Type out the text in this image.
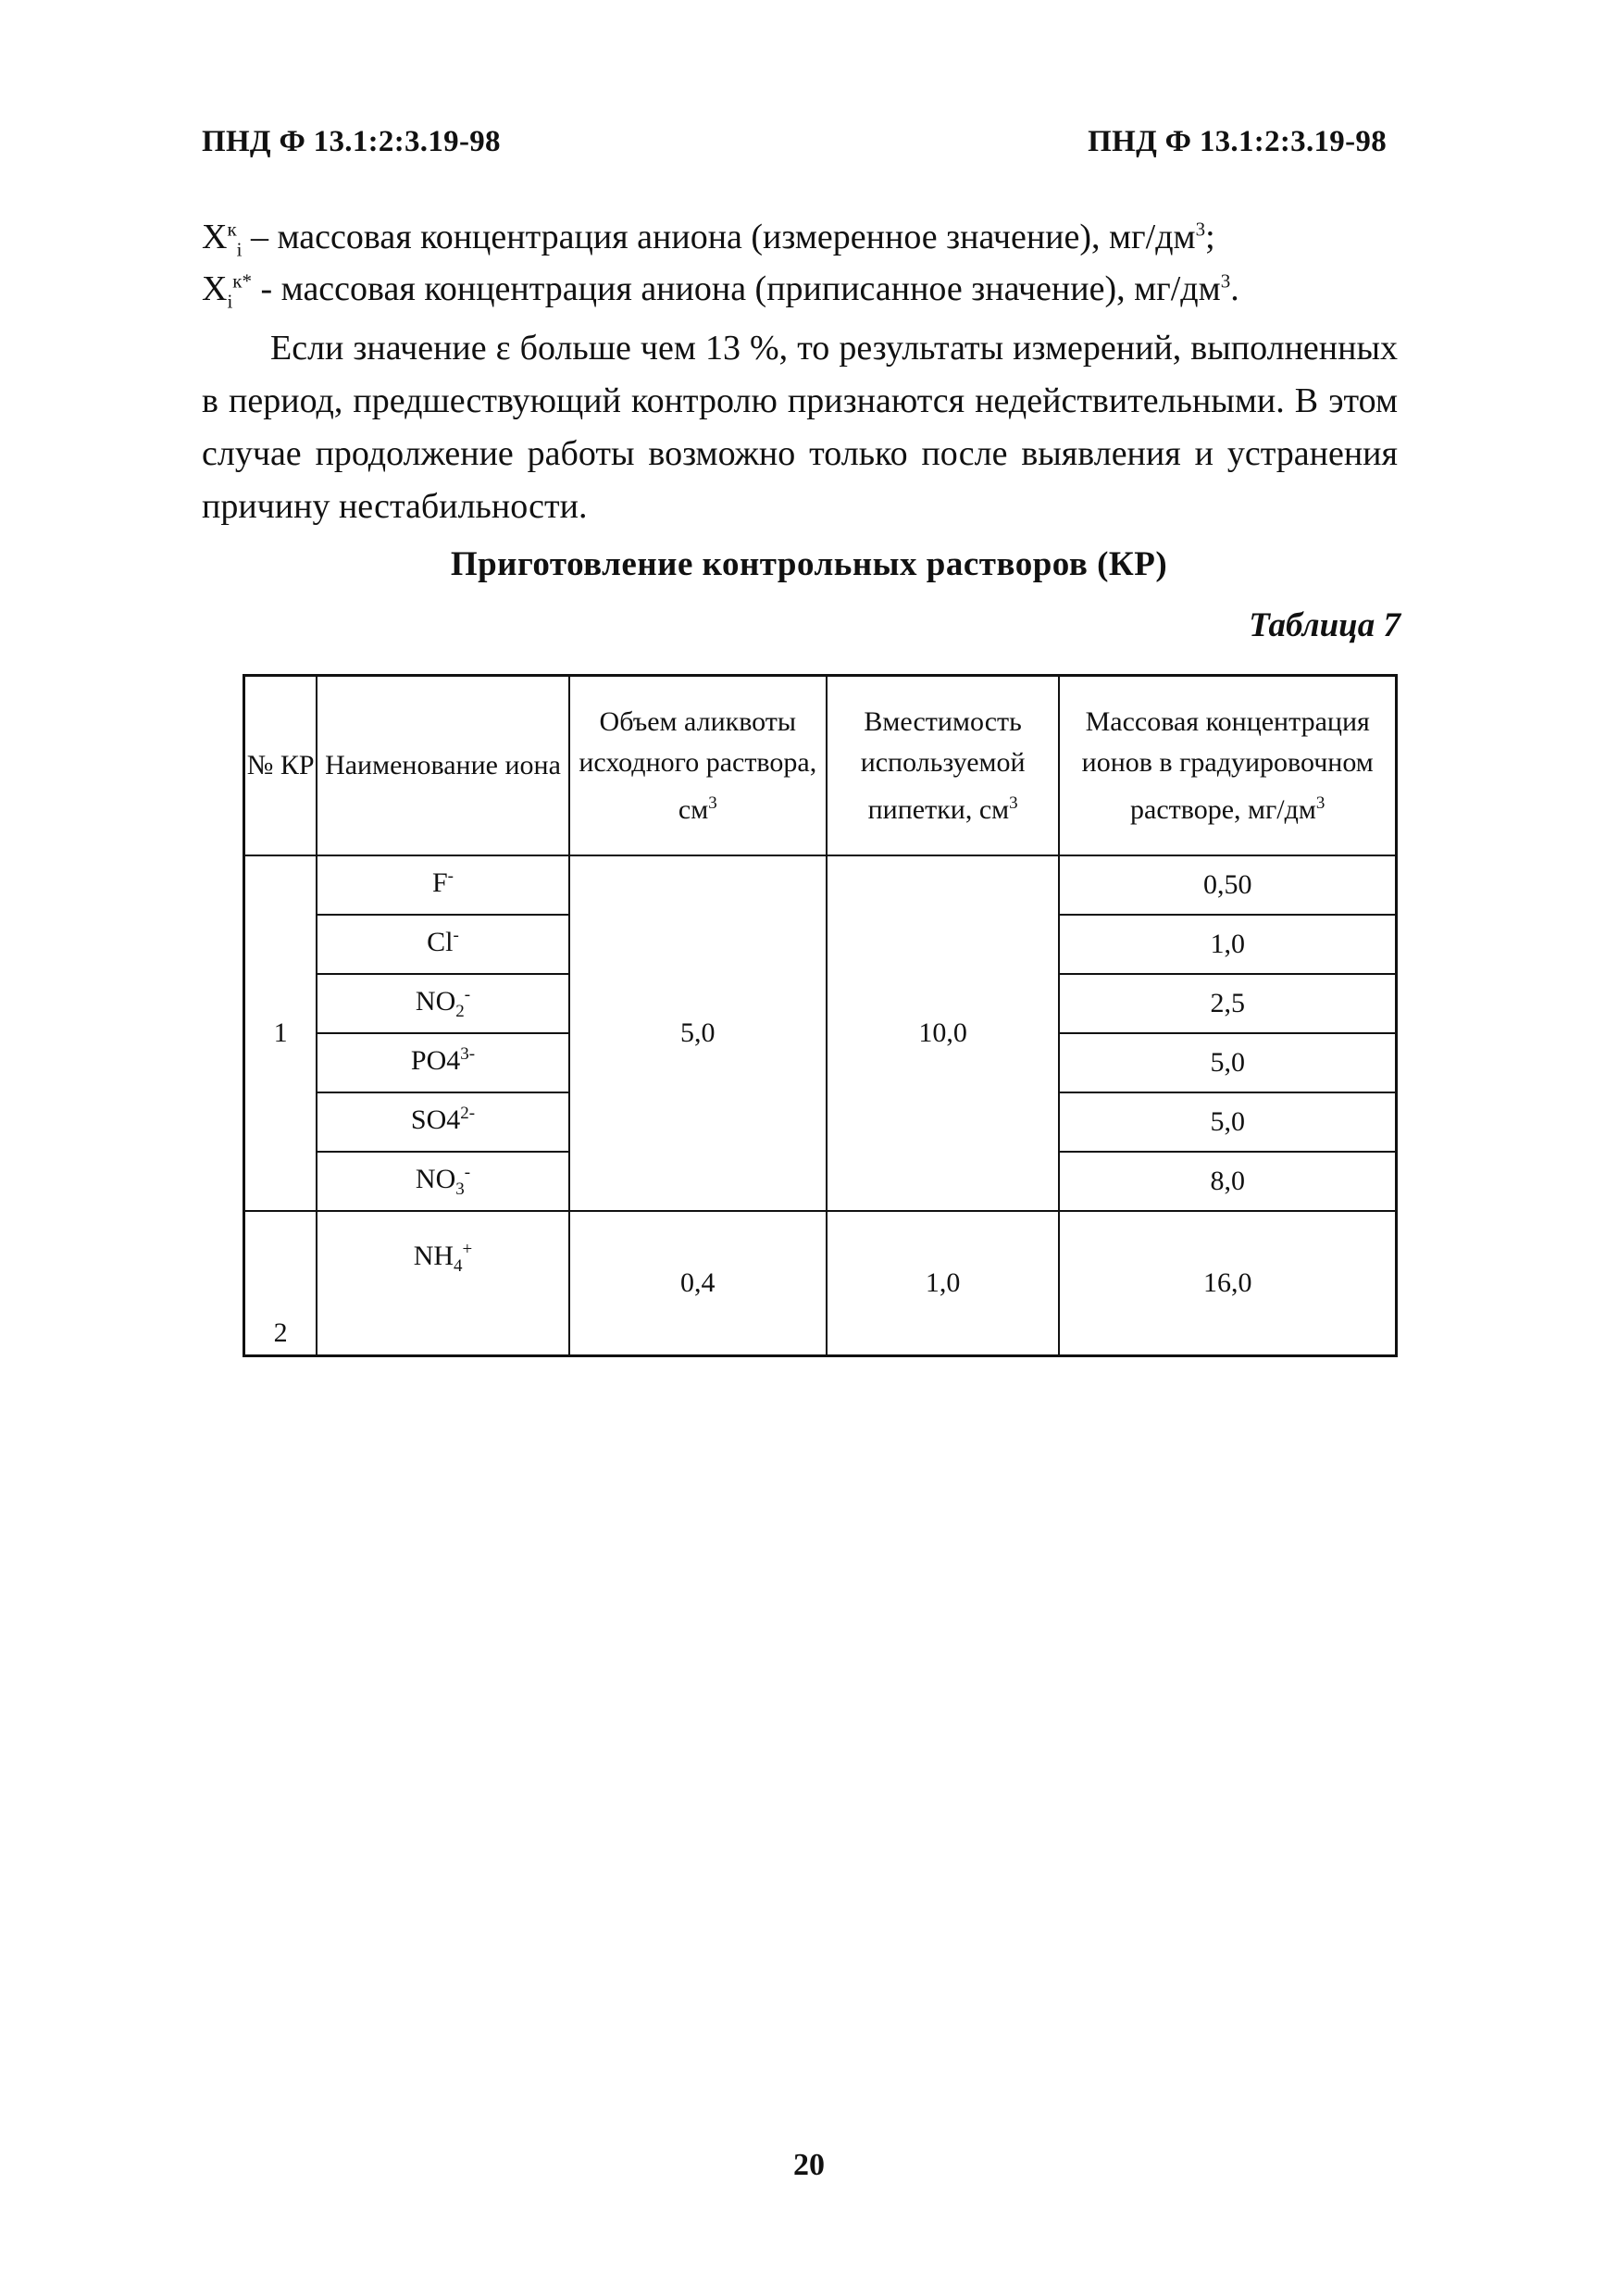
ПНД Ф 13.1:2:3.19-98	ПНД Ф 13.1:2:3.19-98
$X^к_i$ – массовая концентрация аниона (измеренное значение), $мг/дм^3$;
$X_i^{к*}$ - массовая концентрация аниона (приписанное значение), $мг/дм^3$.
Если значение ε больше чем 13 %, то результаты измерений, выполненных в период, предшествующий контролю признаются недействительными. В этом случае продолжение работы возможно только после выявления и устранения причину нестабильности.
Приготовление контрольных растворов (КР)
Таблица 7
№ КР	Наименование иона	Объем аликвоты исходного раствора, $см^3$	Вместимость используемой пипетки, $см^3$	Массовая концентрация ионов в градуировочном растворе, $мг/дм^3$
1	F-	5,0	10,0	0,50
	Cl-			1,0
	$NO_2^-$			2,5
	$PO4^{3-}$			5,0
	$SO4^{2-}$			5,0
	$NO_3^-$			8,0
2	$NH_4^+$	0,4	1,0	16,0
20
